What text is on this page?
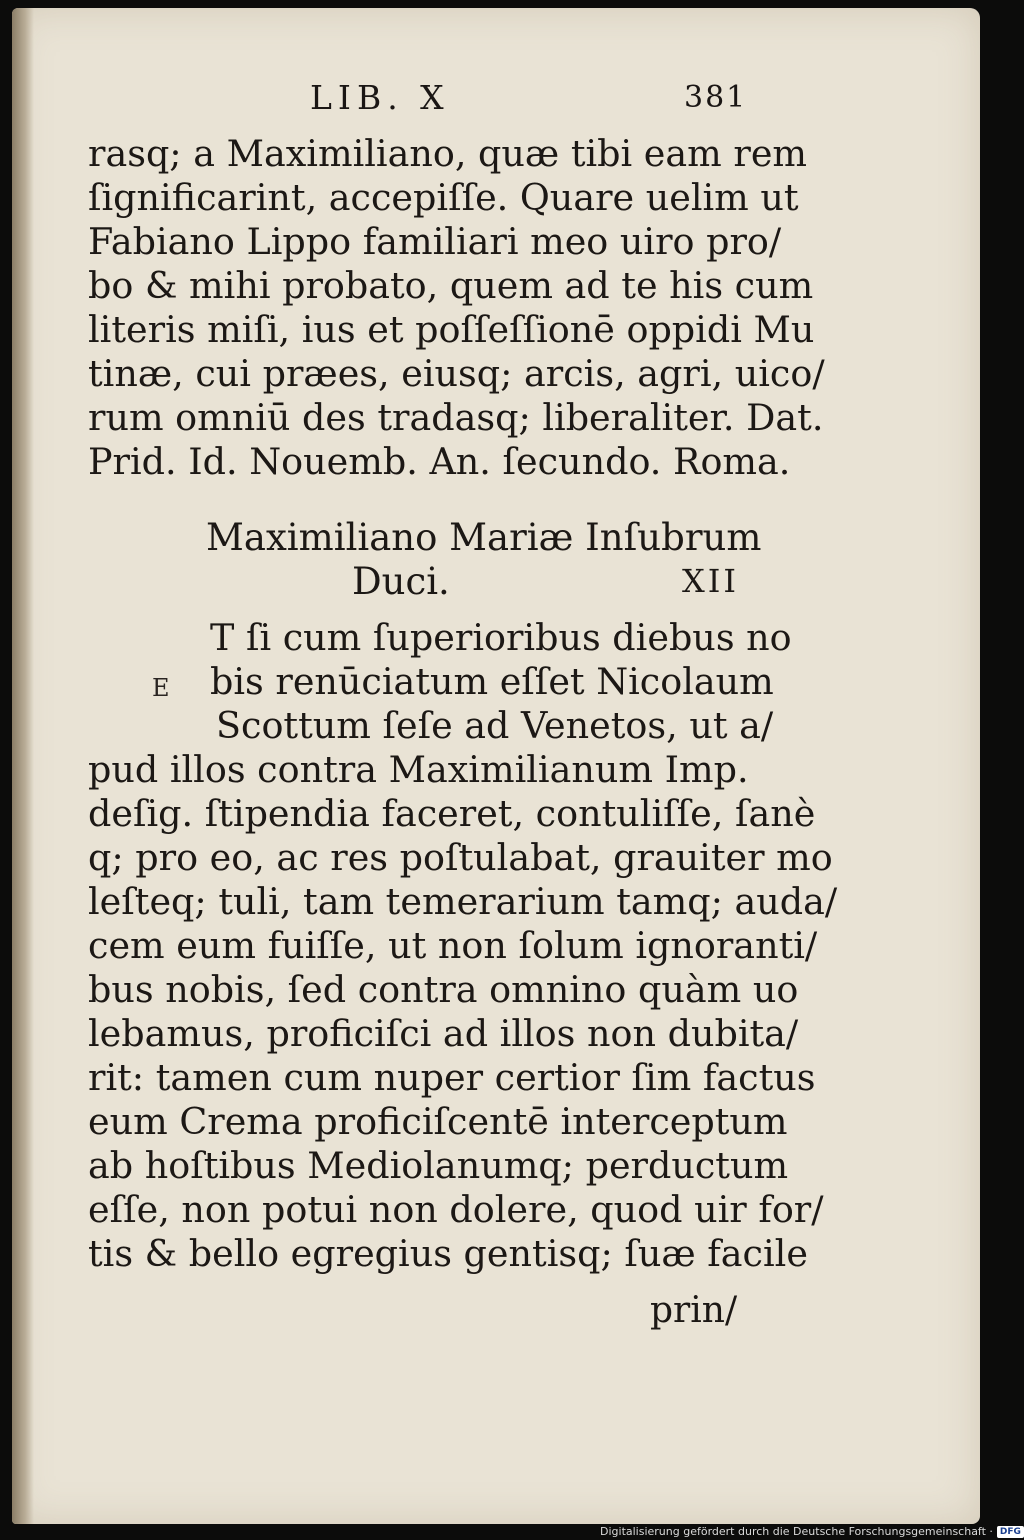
LIB. X	381
rasq; a Maximiliano, quæ tibi eam rem
ſignificarint, accepiſſe. Quare uelim ut
Fabiano Lippo familiari meo uiro pro/
bo & mihi probato, quem ad te his cum
literis miſi, ius et poſſeſſionē oppidi Mu
tinæ, cui præes, eiusq; arcis, agri, uico/
rum omniū des tradasq; liberaliter. Dat.
Prid. Id. Nouemb. An. ſecundo. Roma.
Maximiliano Mariæ Inſubrum
Duci.	XII
E
T ſi cum ſuperioribus diebus no
bis renūciatum eſſet Nicolaum
Scottum ſeſe ad Venetos, ut a/
pud illos contra Maximilianum Imp.
deſig. ſtipendia faceret, contuliſſe, ſanè
q; pro eo, ac res poſtulabat, grauiter mo
leſteq; tuli, tam temerarium tamq; auda/
cem eum fuiſſe, ut non ſolum ignoranti/
bus nobis, ſed contra omnino quàm uo
lebamus, proficiſci ad illos non dubita/
rit: tamen cum nuper certior ſim factus
eum Crema proficiſcentē interceptum
ab hoſtibus Mediolanumq; perductum
eſſe, non potui non dolere, quod uir for/
tis & bello egregius gentisq; ſuæ facile
prin/
Digitalisierung gefördert durch die Deutsche Forschungsgemeinschaft · DFG
